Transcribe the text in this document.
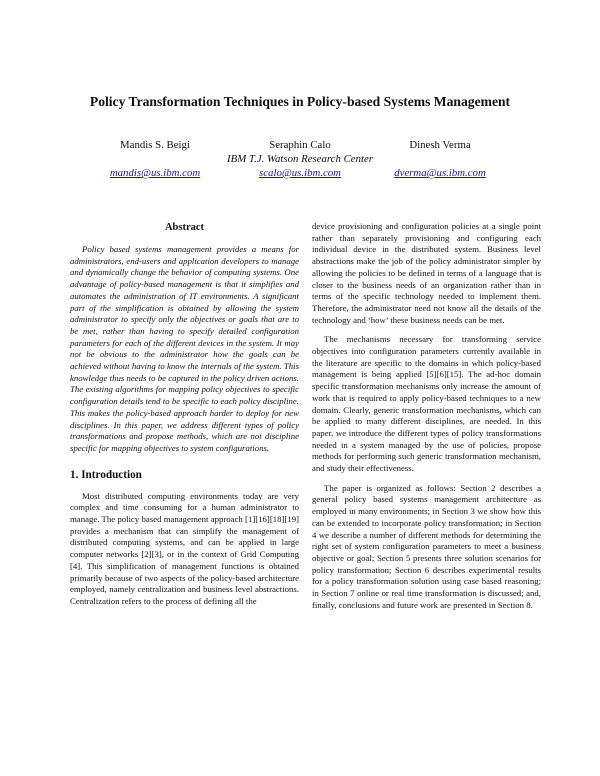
Policy Transformation Techniques in Policy-based Systems Management

Mandis S. Beigi	Seraphin Calo	Dinesh Verma

IBM T.J. Watson Research Center

mandis@us.ibm.com	scalo@us.ibm.com	dverma@us.ibm.com

Abstract

Policy based systems management provides a means for administrators, end-users and application developers to manage and dynamically change the behavior of computing systems. One advantage of policy-based management is that it simplifies and automates the administration of IT environments. A significant part of the simplification is obtained by allowing the system administrator to specify only the objectives or goals that are to be met, rather than having to specify detailed configuration parameters for each of the different devices in the system. It may not be obvious to the administrator how the goals can be achieved without having to know the internals of the system. This knowledge thus needs to be captured in the policy driven actions. The existing algorithms for mapping policy objectives to specific configuration details tend to be specific to each policy discipline. This makes the policy-based approach harder to deploy for new disciplines. In this paper, we address different types of policy transformations and propose methods, which are not discipline specific for mapping objectives to system configurations.

1. Introduction

Most distributed computing environments today are very complex and time consuming for a human administrator to manage. The policy based management approach [1][16][18][19] provides a mechanism that can simplify the management of distributed computing systems, and can be applied in large computer networks [2][3], or in the context of Grid Computing [4]. This simplification of management functions is obtained primarily because of two aspects of the policy-based architecture employed, namely centralization and business level abstractions. Centralization refers to the process of defining all the

device provisioning and configuration policies at a single point rather than separately provisioning and configuring each individual device in the distributed system. Business level abstractions make the job of the policy administrator simpler by allowing the policies to be defined in terms of a language that is closer to the business needs of an organization rather than in terms of the specific technology needed to implement them. Therefore, the administrator need not know all the details of the technology and ‘how’ these business needs can be met.

The mechanisms necessary for transforming service objectives into configuration parameters currently available in the literature are specific to the domains in which policy-based management is being applied [5][6][15]. The ad-hoc domain specific transformation mechanisms only increase the amount of work that is required to apply policy-based techniques to a new domain. Clearly, generic transformation mechanisms, which can be applied to many different disciplines, are needed. In this paper, we introduce the different types of policy transformations needed in a system managed by the use of policies, propose methods for performing such generic transformation mechanism, and study their effectiveness.

The paper is organized as follows: Section 2 describes a general policy based systems management architecture as employed in many environments; in Section 3 we show how this can be extended to incorporate policy transformation; in Section 4 we describe a number of different methods for determining the right set of system configuration parameters to meet a business objective or goal; Section 5 presents three solution scenarios for policy transformation; Section 6 describes experimental results for a policy transformation solution using case based reasoning; in Section 7 online or real time transformation is discussed; and, finally, conclusions and future work are presented in Section 8.
